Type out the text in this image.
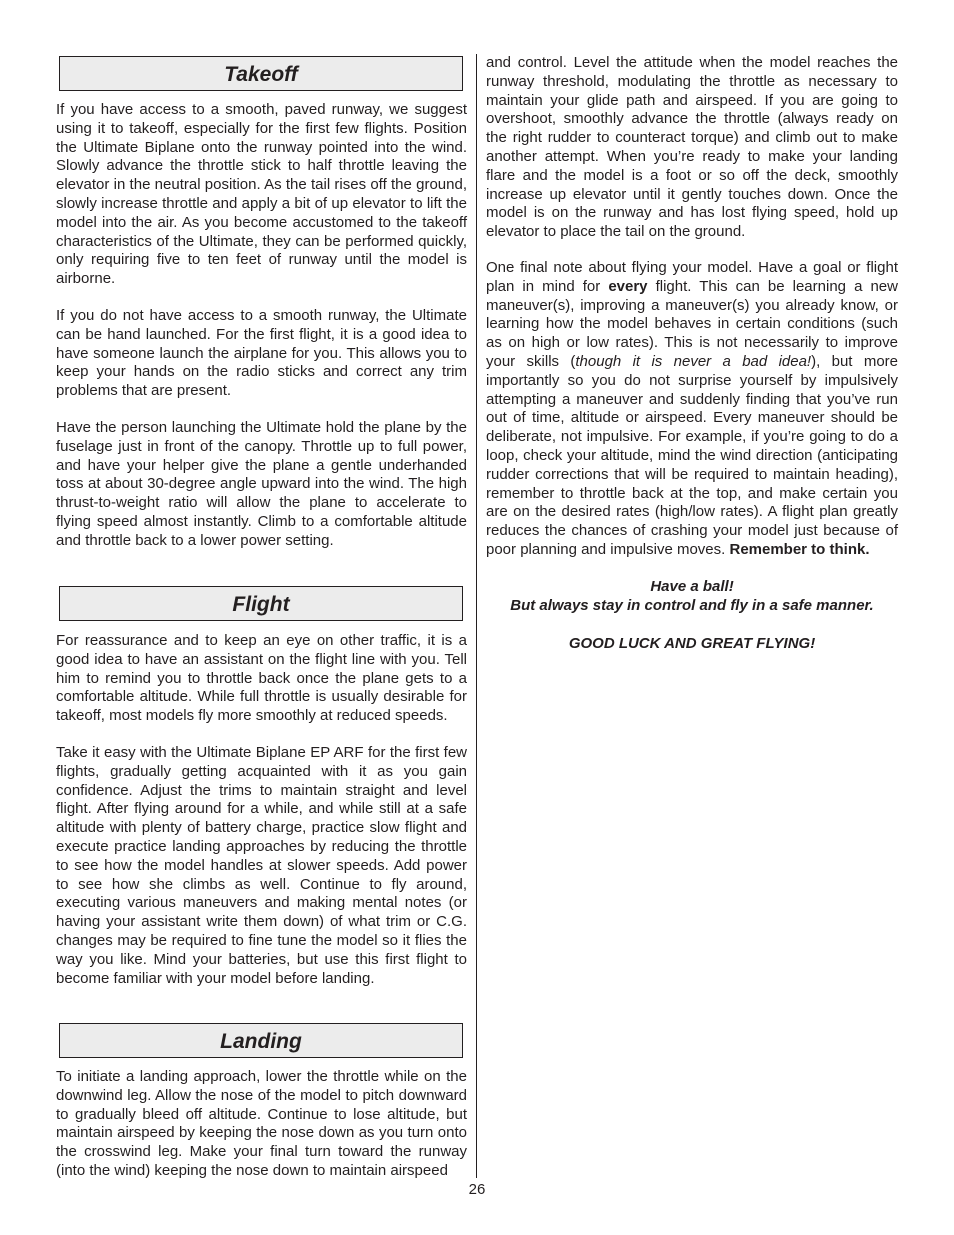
Takeoff

If you have access to a smooth, paved runway, we suggest using it to takeoff, especially for the first few flights. Position the Ultimate Biplane onto the runway pointed into the wind. Slowly advance the throttle stick to half throttle leaving the elevator in the neutral position. As the tail rises off the ground, slowly increase throttle and apply a bit of up elevator to lift the model into the air. As you become accustomed to the takeoff characteristics of the Ultimate, they can be performed quickly, only requiring five to ten feet of runway until the model is airborne.

If you do not have access to a smooth runway, the Ultimate can be hand launched. For the first flight, it is a good idea to have someone launch the airplane for you. This allows you to keep your hands on the radio sticks and correct any trim problems that are present.

Have the person launching the Ultimate hold the plane by the fuselage just in front of the canopy. Throttle up to full power, and have your helper give the plane a gentle underhanded toss at about 30-degree angle upward into the wind. The high thrust-to-weight ratio will allow the plane to accelerate to flying speed almost instantly. Climb to a comfortable altitude and throttle back to a lower power setting.

Flight

For reassurance and to keep an eye on other traffic, it is a good idea to have an assistant on the flight line with you. Tell him to remind you to throttle back once the plane gets to a comfortable altitude. While full throttle is usually desirable for takeoff, most models fly more smoothly at reduced speeds.

Take it easy with the Ultimate Biplane EP ARF for the first few flights, gradually getting acquainted with it as you gain confidence. Adjust the trims to maintain straight and level flight. After flying around for a while, and while still at a safe altitude with plenty of battery charge, practice slow flight and execute practice landing approaches by reducing the throttle to see how the model handles at slower speeds. Add power to see how she climbs as well. Continue to fly around, executing various maneuvers and making mental notes (or having your assistant write them down) of what trim or C.G. changes may be required to fine tune the model so it flies the way you like. Mind your batteries, but use this first flight to become familiar with your model before landing.

Landing

To initiate a landing approach, lower the throttle while on the downwind leg. Allow the nose of the model to pitch downward to gradually bleed off altitude. Continue to lose altitude, but maintain airspeed by keeping the nose down as you turn onto the crosswind leg. Make your final turn toward the runway (into the wind) keeping the nose down to maintain airspeed

and control. Level the attitude when the model reaches the runway threshold, modulating the throttle as necessary to maintain your glide path and airspeed. If you are going to overshoot, smoothly advance the throttle (always ready on the right rudder to counteract torque) and climb out to make another attempt. When you’re ready to make your landing flare and the model is a foot or so off the deck, smoothly increase up elevator until it gently touches down. Once the model is on the runway and has lost flying speed, hold up elevator to place the tail on the ground.

One final note about flying your model. Have a goal or flight plan in mind for every flight. This can be learning a new maneuver(s), improving a maneuver(s) you already know, or learning how the model behaves in certain conditions (such as on high or low rates). This is not necessarily to improve your skills (though it is never a bad idea!), but more importantly so you do not surprise yourself by impulsively attempting a maneuver and suddenly finding that you’ve run out of time, altitude or airspeed. Every maneuver should be deliberate, not impulsive. For example, if you’re going to do a loop, check your altitude, mind the wind direction (anticipating rudder corrections that will be required to maintain heading), remember to throttle back at the top, and make certain you are on the desired rates (high/low rates). A flight plan greatly reduces the chances of crashing your model just because of poor planning and impulsive moves. Remember to think.

Have a ball!
But always stay in control and fly in a safe manner.
GOOD LUCK AND GREAT FLYING!
26
